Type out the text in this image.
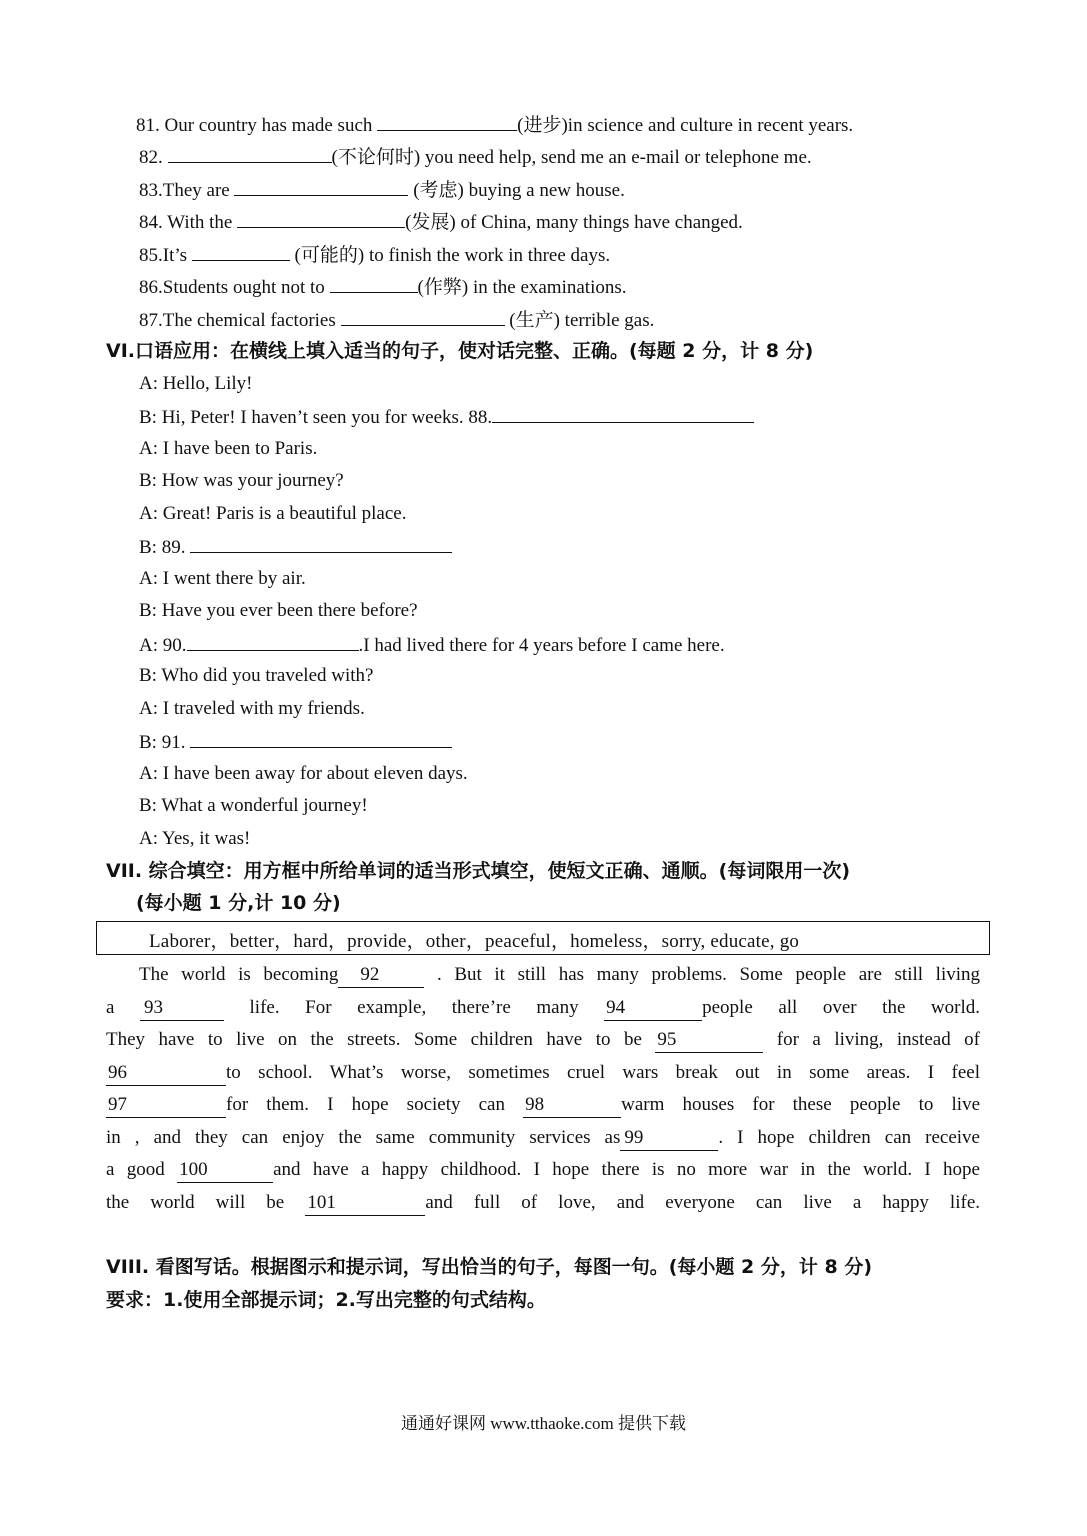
81. Our country has made such	(进步)in science and culture in recent years.
82.	(不论何时) you need help, send me an e-mail or telephone me.
83.They are	(考虑) buying a new house.
84. With the	(发展) of China, many things have changed.
85.It’s	(可能的) to finish the work in three days.
86.Students ought not to	(作弊) in the examinations.
87.The chemical factories	(生产) terrible gas.
VI.口语应用：在横线上填入适当的句子，使对话完整、正确。(每题 2 分，计 8 分)
A: Hello, Lily!
B: Hi, Peter! I haven’t seen you for weeks. 88.
A: I have been to Paris.
B: How was your journey?
A: Great! Paris is a beautiful place.
B: 89.
A: I went there by air.
B: Have you ever been there before?
A: 90.	.I had lived there for 4 years before I came here.
B: Who did you traveled with?
A: I traveled with my friends.
B: 91.
A: I have been away for about eleven days.
B: What a wonderful journey!
A: Yes, it was!
VII. 综合填空：用方框中所给单词的适当形式填空，使短文正确、通顺。(每词限用一次)
(每小题 1 分,计 10 分)
Laborer，better，hard，provide，other，peaceful，homeless，sorry, educate, go
The world is becoming 92 . But it still has many problems. Some people are still living
a 93	life. For example, there’re many 94	people all over the world.
They have to live on the streets. Some children have to be 95	for a living, instead of
96	to school. What’s worse, sometimes cruel wars break out in some areas. I feel
97	for them. I hope society can 98	warm houses for these people to live
in , and they can enjoy the same community services as 99	. I hope children can receive
a good 100	and have a happy childhood. I hope there is no more war in the world. I hope
the world will be 101	and full of love, and everyone can live a happy life.
VIII. 看图写话。根据图示和提示词，写出恰当的句子，每图一句。(每小题 2 分，计 8 分)
要求：1.使用全部提示词；2.写出完整的句式结构。
通通好课网 www.tthaoke.com 提供下载
